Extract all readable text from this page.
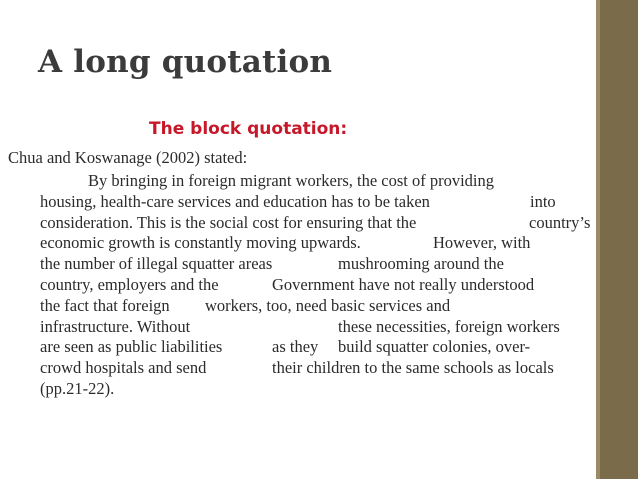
A long quotation
The block quotation:
Chua and Koswanage (2002) stated:
By bringing in foreign migrant workers, the cost of providing
housing, health-care services and education has to be taken	into
consideration. This is the social cost for ensuring that the	country’s
economic growth is constantly moving upwards.	However, with
the number of illegal squatter areas	mushrooming around the
country, employers and the	Government have not really understood
the fact that foreign workers, too, need basic services and
infrastructure. Without	these necessities, foreign workers
are seen as public liabilities	as they build squatter colonies, over-
crowd hospitals and send	their children to the same schools as locals
(pp.21-22).
